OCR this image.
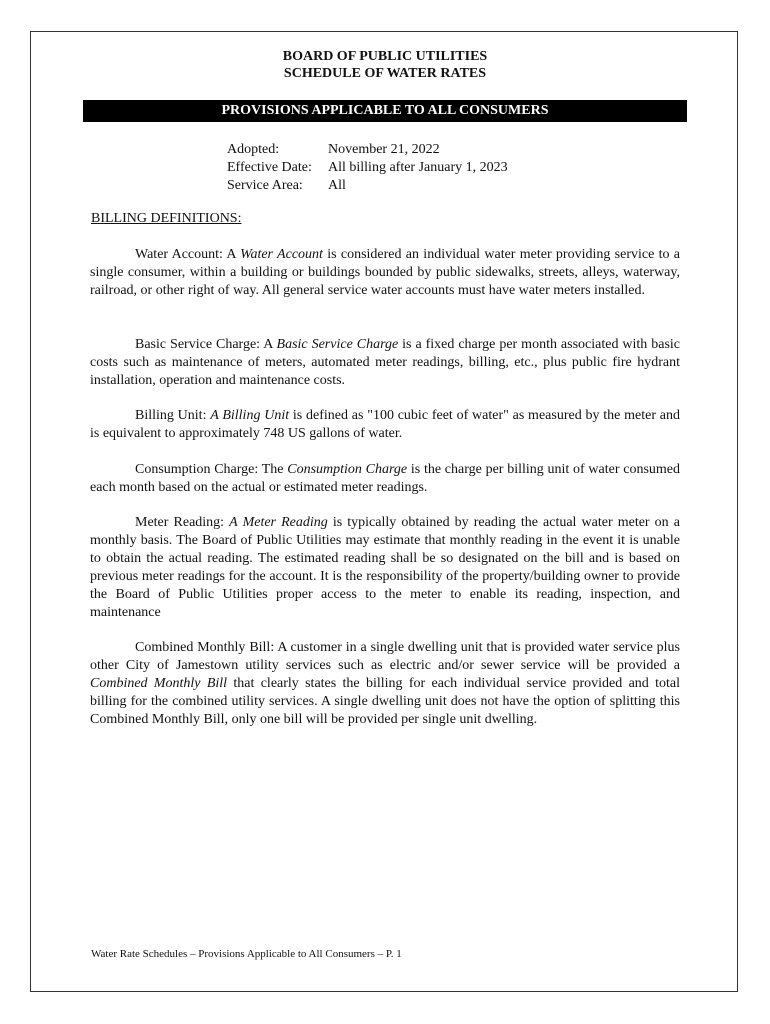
BOARD OF PUBLIC UTILITIES
SCHEDULE OF WATER RATES
PROVISIONS APPLICABLE TO ALL CONSUMERS
Adopted:	November 21, 2022
Effective Date:	All billing after January 1, 2023
Service Area:	All
BILLING DEFINITIONS:

Water Account: A Water Account is considered an individual water meter providing service to a single consumer, within a building or buildings bounded by public sidewalks, streets, alleys, waterway, railroad, or other right of way. All general service water accounts must have water meters installed.

Basic Service Charge: A Basic Service Charge is a fixed charge per month associated with basic costs such as maintenance of meters, automated meter readings, billing, etc., plus public fire hydrant installation, operation and maintenance costs.

Billing Unit: A Billing Unit is defined as "100 cubic feet of water" as measured by the meter and is equivalent to approximately 748 US gallons of water.

Consumption Charge: The Consumption Charge is the charge per billing unit of water consumed each month based on the actual or estimated meter readings.

Meter Reading: A Meter Reading is typically obtained by reading the actual water meter on a monthly basis. The Board of Public Utilities may estimate that monthly reading in the event it is unable to obtain the actual reading. The estimated reading shall be so designated on the bill and is based on previous meter readings for the account. It is the responsibility of the property/building owner to provide the Board of Public Utilities proper access to the meter to enable its reading, inspection, and maintenance

Combined Monthly Bill: A customer in a single dwelling unit that is provided water service plus other City of Jamestown utility services such as electric and/or sewer service will be provided a Combined Monthly Bill that clearly states the billing for each individual service provided and total billing for the combined utility services. A single dwelling unit does not have the option of splitting this Combined Monthly Bill, only one bill will be provided per single unit dwelling.

Water Rate Schedules – Provisions Applicable to All Consumers – P. 1
